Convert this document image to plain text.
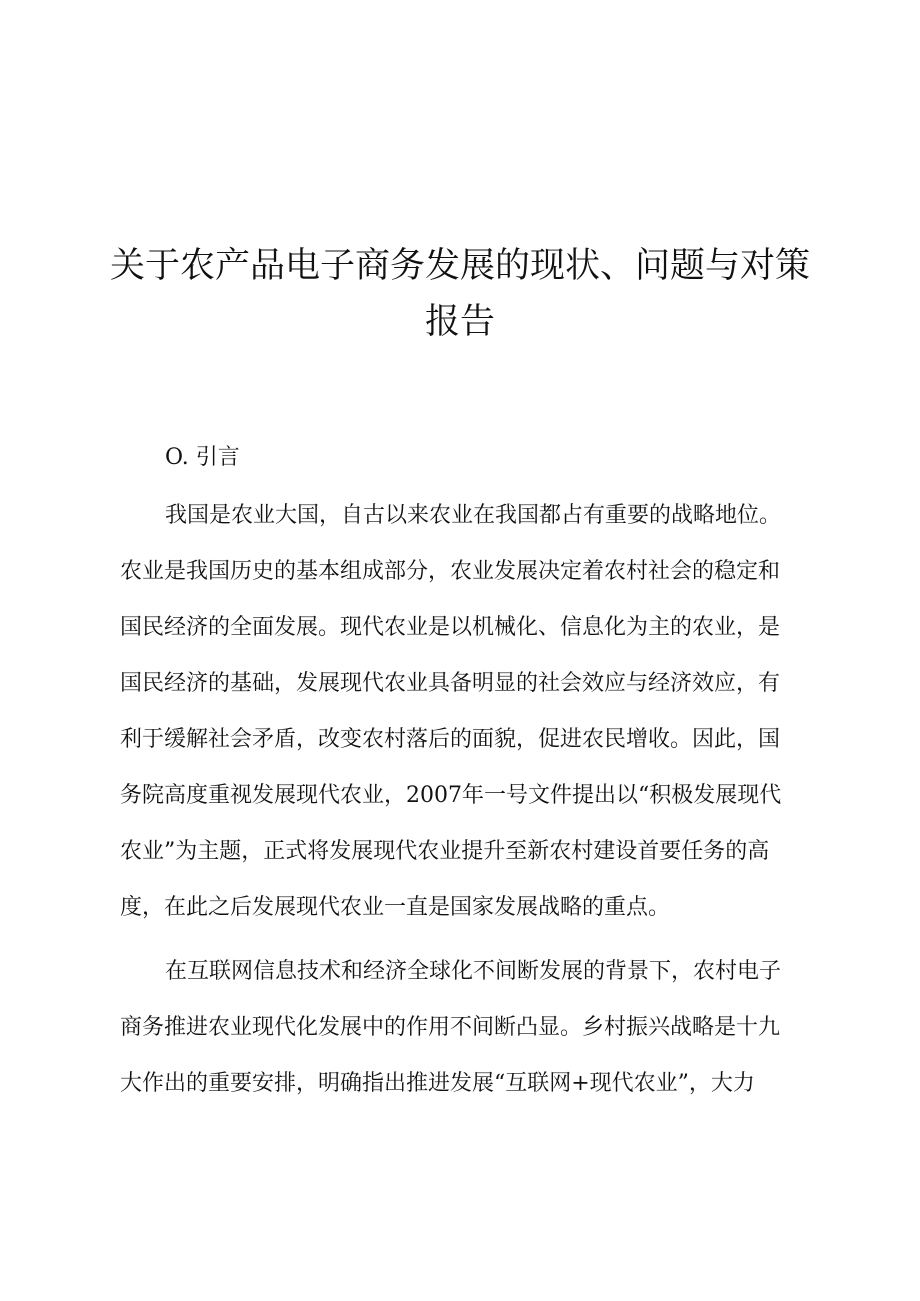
关于农产品电子商务发展的现状、问题与对策
报告
O. 引言
我国是农业大国，自古以来农业在我国都占有重要的战略地位。
农业是我国历史的基本组成部分，农业发展决定着农村社会的稳定和
国民经济的全面发展。现代农业是以机械化、信息化为主的农业，是
国民经济的基础，发展现代农业具备明显的社会效应与经济效应，有
利于缓解社会矛盾，改变农村落后的面貌，促进农民增收。因此，国
务院高度重视发展现代农业，2007年一号文件提出以“积极发展现代
农业”为主题，正式将发展现代农业提升至新农村建设首要任务的高
度，在此之后发展现代农业一直是国家发展战略的重点。
在互联网信息技术和经济全球化不间断发展的背景下，农村电子
商务推进农业现代化发展中的作用不间断凸显。乡村振兴战略是十九
大作出的重要安排，明确指出推进发展“互联网+现代农业”，大力
